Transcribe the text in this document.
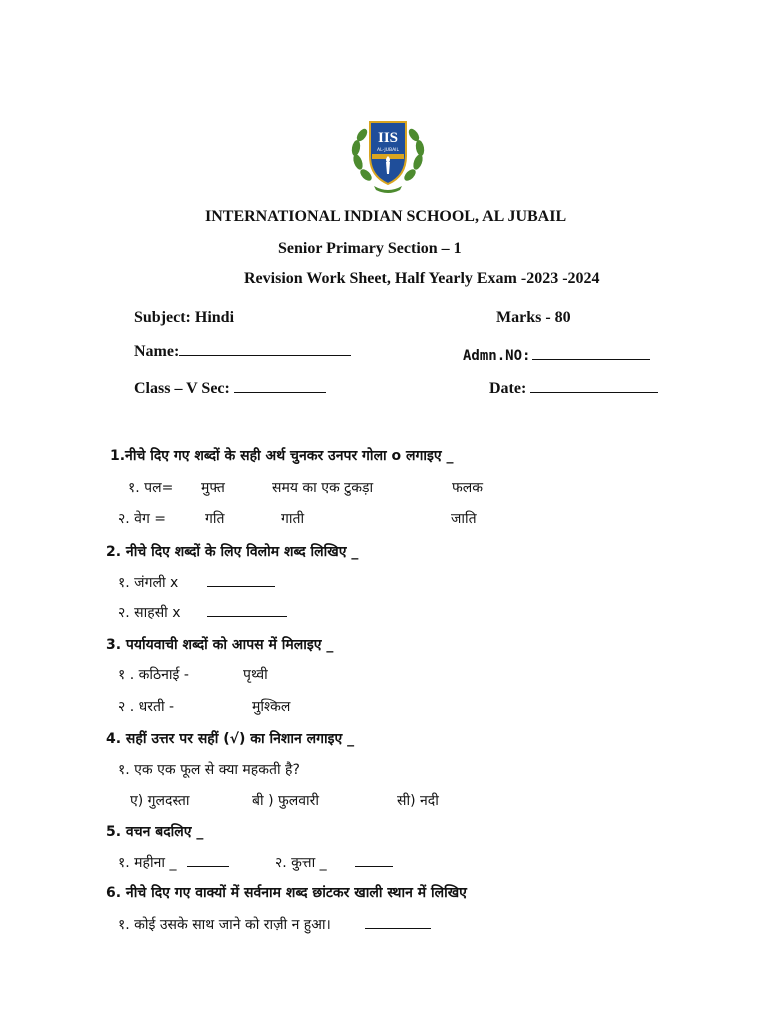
IIS
AL-JUBAIL
INTERNATIONAL INDIAN SCHOOL, AL JUBAIL
Senior Primary Section – 1
Revision Work Sheet, Half Yearly Exam -2023 -2024
Subject: Hindi	Marks - 80
Name:	Admn.NO:
Class – V Sec:	Date:
1.नीचे दिए गए शब्दों के सही अर्थ चुनकर उनपर गोला o लगाइए _
१. पल= मुफ्त	समय का एक टुकड़ा	फलक
२. वेग =	गति	गाती	जाति
2. नीचे दिए शब्दों के लिए विलोम शब्द लिखिए _
१. जंगली x
२. साहसी x
3. पर्यायवाची शब्दों को आपस में मिलाइए _
१ . कठिनाई -	पृथ्वी
२ . धरती -	मुश्किल
4. सहीं उत्तर पर सहीं (√) का निशान लगाइए _
१. एक एक फूल से क्या महकती है?
ए) गुलदस्ता	बी ) फुलवारी	सी) नदी
5. वचन बदलिए _
१. महीना _	२. कुत्ता _
6. नीचे दिए गए वाक्यों में सर्वनाम शब्द छांटकर खाली स्थान में लिखिए
१. कोई उसके साथ जाने को राज़ी न हुआ।
